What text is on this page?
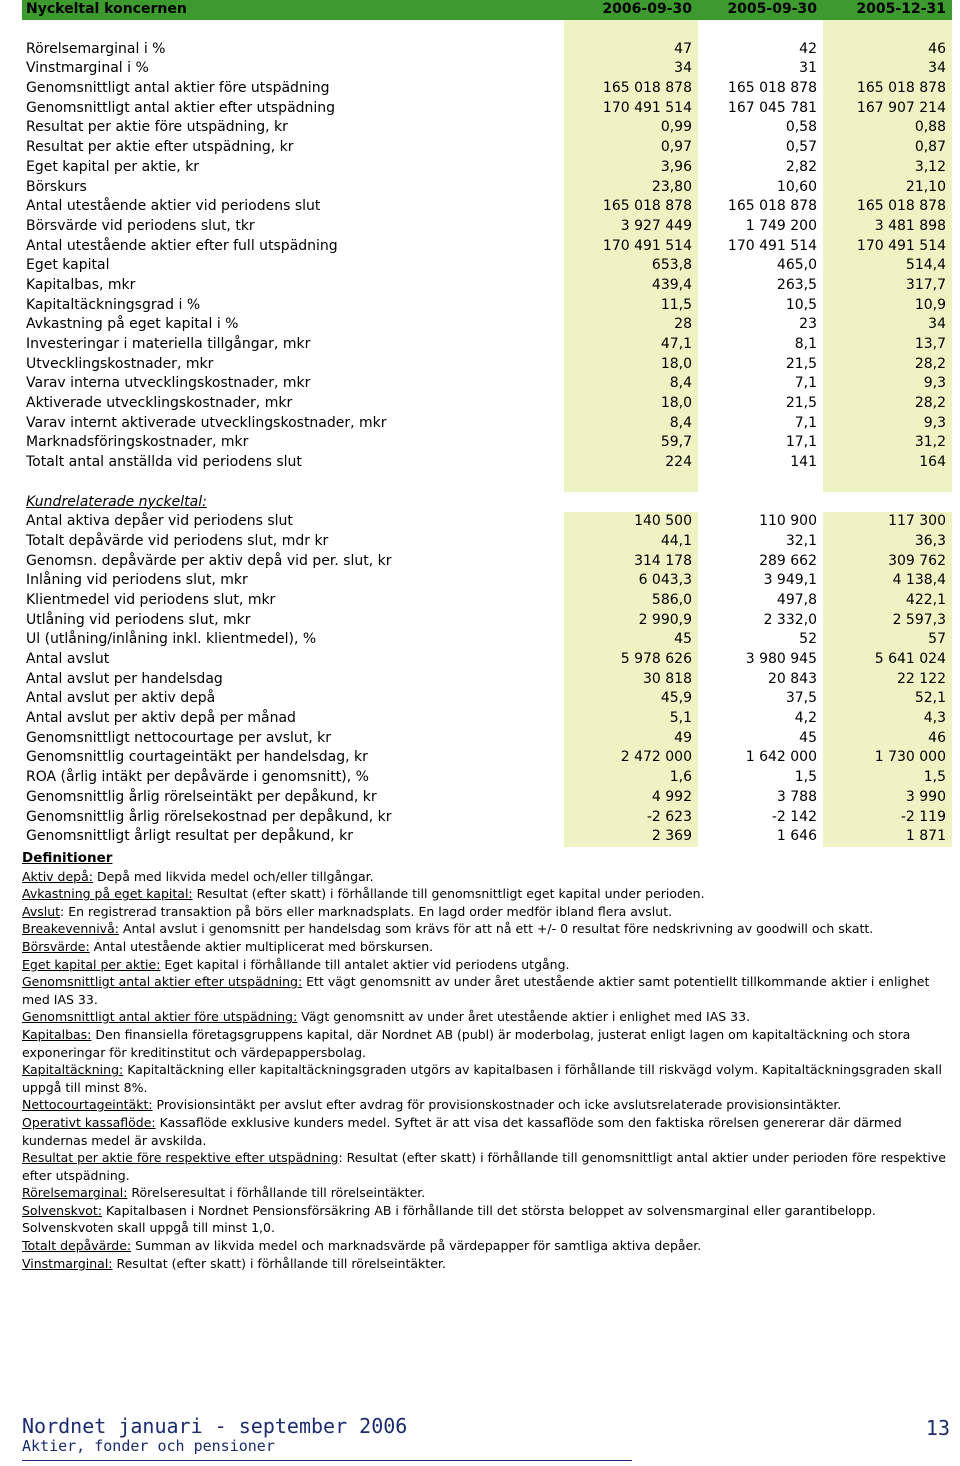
Nyckeltal koncernen	2006-09-30	2005-09-30	2005-12-31

Rörelsemarginal i %	47	42	46
Vinstmarginal i %	34	31	34
Genomsnittligt antal aktier före utspädning	165 018 878	165 018 878	165 018 878
Genomsnittligt antal aktier efter utspädning	170 491 514	167 045 781	167 907 214
Resultat per aktie före utspädning, kr	0,99	0,58	0,88
Resultat per aktie efter utspädning, kr	0,97	0,57	0,87
Eget kapital per aktie, kr	3,96	2,82	3,12
Börskurs	23,80	10,60	21,10
Antal utestående aktier vid periodens slut	165 018 878	165 018 878	165 018 878
Börsvärde vid periodens slut, tkr	3 927 449	1 749 200	3 481 898
Antal utestående aktier efter full utspädning	170 491 514	170 491 514	170 491 514
Eget kapital	653,8	465,0	514,4
Kapitalbas, mkr	439,4	263,5	317,7
Kapitaltäckningsgrad i %	11,5	10,5	10,9
Avkastning på eget kapital i %	28	23	34
Investeringar i materiella tillgångar, mkr	47,1	8,1	13,7
Utvecklingskostnader, mkr	18,0	21,5	28,2
Varav interna utvecklingskostnader, mkr	8,4	7,1	9,3
Aktiverade utvecklingskostnader, mkr	18,0	21,5	28,2
Varav internt aktiverade utvecklingskostnader, mkr	8,4	7,1	9,3
Marknadsföringskostnader, mkr	59,7	17,1	31,2
Totalt antal anställda vid periodens slut	224	141	164

Kundrelaterade nyckeltal:			
Antal aktiva depåer vid periodens slut	140 500	110 900	117 300
Totalt depåvärde vid periodens slut, mdr kr	44,1	32,1	36,3
Genomsn. depåvärde per aktiv depå vid per. slut, kr	314 178	289 662	309 762
Inlåning vid periodens slut, mkr	6 043,3	3 949,1	4 138,4
Klientmedel vid periodens slut, mkr	586,0	497,8	422,1
Utlåning vid periodens slut, mkr	2 990,9	2 332,0	2 597,3
Ul (utlåning/inlåning inkl. klientmedel), %	45	52	57
Antal avslut	5 978 626	3 980 945	5 641 024
Antal avslut per handelsdag	30 818	20 843	22 122
Antal avslut per aktiv depå	45,9	37,5	52,1
Antal avslut per aktiv depå per månad	5,1	4,2	4,3
Genomsnittligt nettocourtage per avslut, kr	49	45	46
Genomsnittlig courtageintäkt per handelsdag, kr	2 472 000	1 642 000	1 730 000
ROA (årlig intäkt per depåvärde i genomsnitt), %	1,6	1,5	1,5
Genomsnittlig årlig rörelseintäkt per depåkund, kr	4 992	3 788	3 990
Genomsnittlig årlig rörelsekostnad per depåkund, kr	-2 623	-2 142	-2 119
Genomsnittligt årligt resultat per depåkund, kr	2 369	1 646	1 871

Definitioner

Aktiv depå: Depå med likvida medel och/eller tillgångar.

Avkastning på eget kapital: Resultat (efter skatt) i förhållande till genomsnittligt eget kapital under perioden.

Avslut: En registrerad transaktion på börs eller marknadsplats. En lagd order medför ibland flera avslut.

Breakevennivå: Antal avslut i genomsnitt per handelsdag som krävs för att nå ett +/- 0 resultat före nedskrivning av goodwill och skatt.

Börsvärde: Antal utestående aktier multiplicerat med börskursen.

Eget kapital per aktie: Eget kapital i förhållande till antalet aktier vid periodens utgång.

Genomsnittligt antal aktier efter utspädning: Ett vägt genomsnitt av under året utestående aktier samt potentiellt tillkommande aktier i enlighet med IAS 33.

Genomsnittligt antal aktier före utspädning: Vägt genomsnitt av under året utestående aktier i enlighet med IAS 33.

Kapitalbas: Den finansiella företagsgruppens kapital, där Nordnet AB (publ) är moderbolag, justerat enligt lagen om kapitaltäckning och stora exponeringar för kreditinstitut och värdepappersbolag.

Kapitaltäckning: Kapitaltäckning eller kapitaltäckningsgraden utgörs av kapitalbasen i förhållande till riskvägd volym. Kapitaltäckningsgraden skall uppgå till minst 8%.

Nettocourtageintäkt: Provisionsintäkt per avslut efter avdrag för provisionskostnader och icke avslutsrelaterade provisionsintäkter.

Operativt kassaflöde: Kassaflöde exklusive kunders medel. Syftet är att visa det kassaflöde som den faktiska rörelsen genererar där därmed kundernas medel är avskilda.

Resultat per aktie före respektive efter utspädning: Resultat (efter skatt) i förhållande till genomsnittligt antal aktier under perioden före respektive efter utspädning.

Rörelsemarginal: Rörelseresultat i förhållande till rörelseintäkter.

Solvenskvot: Kapitalbasen i Nordnet Pensionsförsäkring AB i förhållande till det största beloppet av solvensmarginal eller garantibelopp. Solvenskvoten skall uppgå till minst 1,0.

Totalt depåvärde: Summan av likvida medel och marknadsvärde på värdepapper för samtliga aktiva depåer.

Vinstmarginal: Resultat (efter skatt) i förhållande till rörelseintäkter.

Nordnet januari - september 2006
Aktier, fonder och pensioner
13
